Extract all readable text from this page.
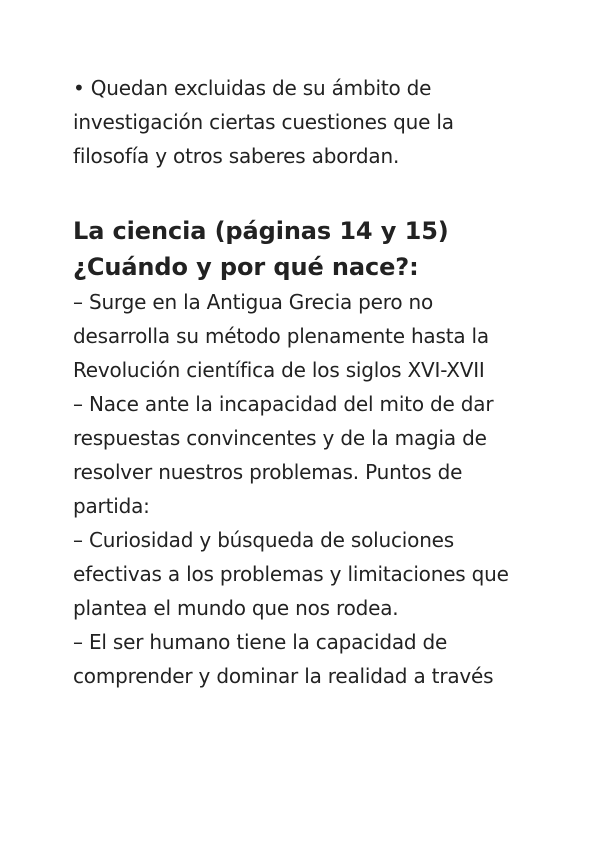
• Quedan excluidas de su ámbito de
investigación ciertas cuestiones que la
filosofía y otros saberes abordan.

La ciencia (páginas 14 y 15)
¿Cuándo y por qué nace?:

– Surge en la Antigua Grecia pero no
desarrolla su método plenamente hasta la
Revolución científica de los siglos XVI-XVII
– Nace ante la incapacidad del mito de dar
respuestas convincentes y de la magia de
resolver nuestros problemas. Puntos de
partida:
– Curiosidad y búsqueda de soluciones
efectivas a los problemas y limitaciones que
plantea el mundo que nos rodea.
– El ser humano tiene la capacidad de
comprender y dominar la realidad a través
